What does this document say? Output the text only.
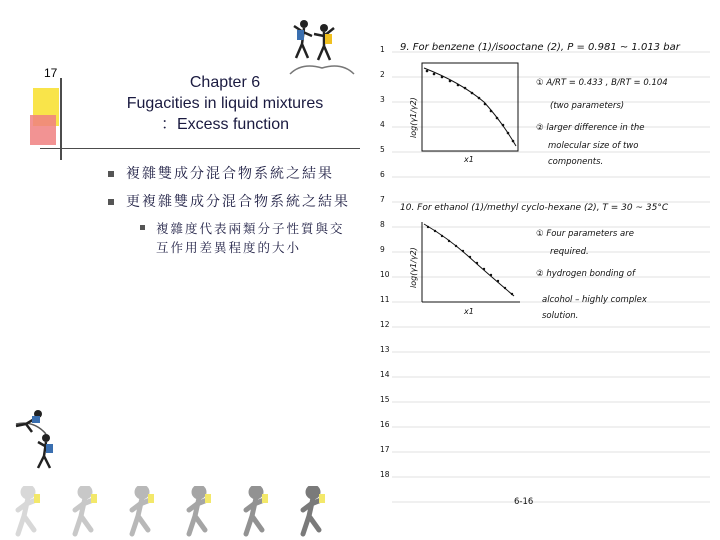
17
Chapter 6
Fugacities in liquid mixtures
：Excess function
複雜雙成分混合物系統之結果
更複雜雙成分混合物系統之結果
複雜度代表兩類分子性質與交互作用差異程度的大小
化工熱力學
1
2
3
4
5
6
7
8
9
10
11
12
13
14
15
16
17
18
9. For benzene (1)/isooctane (2), P = 0.981 ~ 1.013 bar
log(γ1/γ2)
x1
① A/RT = 0.433 , B/RT = 0.104
(two parameters)
② larger difference in the
molecular size of two
components.
10. For ethanol (1)/methyl cyclo-hexane (2), T = 30 ~ 35°C
log(γ1/γ2)
x1
① Four parameters are
required.
② hydrogen bonding of
alcohol – highly complex
solution.
6-16
